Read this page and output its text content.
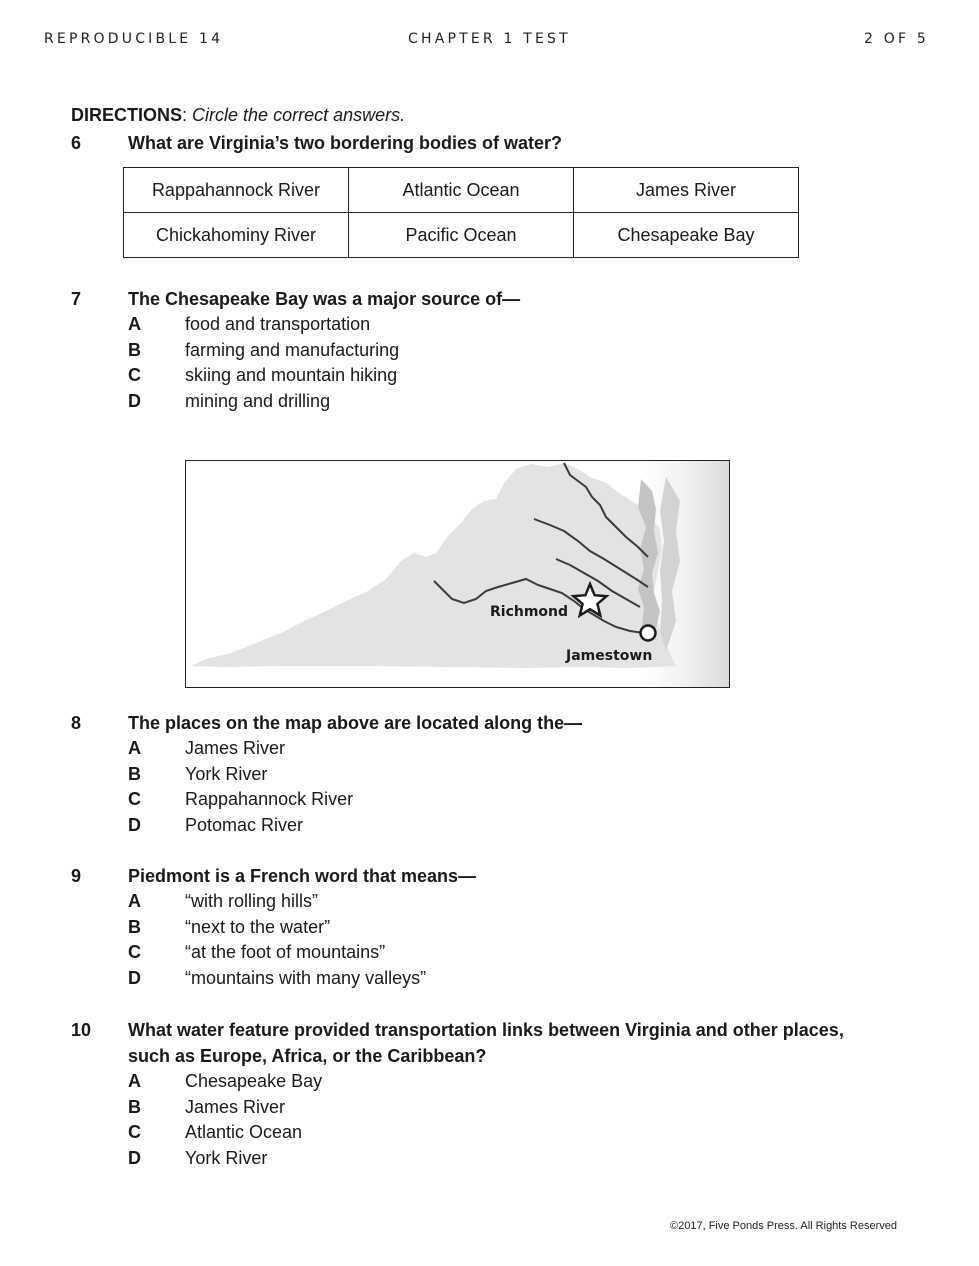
REPRODUCIBLE 14	CHAPTER 1 TEST	2 OF 5
DIRECTIONS: Circle the correct answers.
6	What are Virginia’s two bordering bodies of water?
Rappahannock River	Atlantic Ocean	James River
Chickahominy River	Pacific Ocean	Chesapeake Bay
7	The Chesapeake Bay was a major source of—
A	food and transportation
B	farming and manufacturing
C	skiing and mountain hiking
D	mining and drilling
Richmond
Jamestown
8	The places on the map above are located along the—
A	James River
B	York River
C	Rappahannock River
D	Potomac River
9	Piedmont is a French word that means—
A	“with rolling hills”
B	“next to the water”
C	“at the foot of mountains”
D	“mountains with many valleys”
10	What water feature provided transportation links between Virginia and other places, such as Europe, Africa, or the Caribbean?
A	Chesapeake Bay
B	James River
C	Atlantic Ocean
D	York River
©2017, Five Ponds Press. All Rights Reserved
